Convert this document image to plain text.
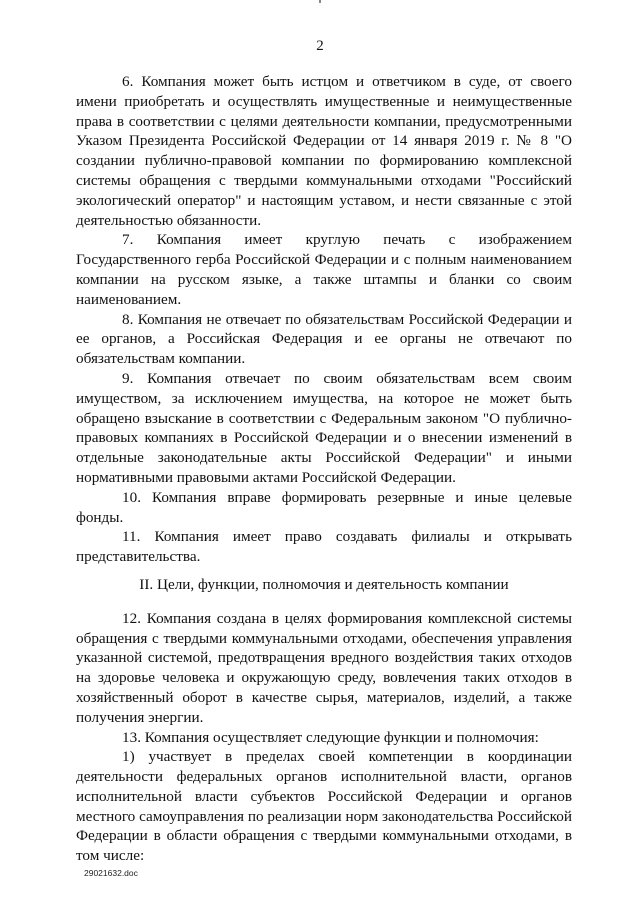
2

6. Компания может быть истцом и ответчиком в суде, от своего имени приобретать и осуществлять имущественные и неимущественные права в соответствии с целями деятельности компании, предусмотренными Указом Президента Российской Федерации от 14 января 2019 г. № 8 "О создании публично-правовой компании по формированию комплексной системы обращения с твердыми коммунальными отходами "Российский экологический оператор" и настоящим уставом, и нести связанные с этой деятельностью обязанности.

7. Компания имеет круглую печать с изображением Государственного герба Российской Федерации и с полным наименованием компании на русском языке, а также штампы и бланки со своим наименованием.

8. Компания не отвечает по обязательствам Российской Федерации и ее органов, а Российская Федерация и ее органы не отвечают по обязательствам компании.

9. Компания отвечает по своим обязательствам всем своим имуществом, за исключением имущества, на которое не может быть обращено взыскание в соответствии с Федеральным законом "О публично-правовых компаниях в Российской Федерации и о внесении изменений в отдельные законодательные акты Российской Федерации" и иными нормативными правовыми актами Российской Федерации.

10. Компания вправе формировать резервные и иные целевые фонды.

11. Компания имеет право создавать филиалы и открывать представительства.

II. Цели, функции, полномочия и деятельность компании

12. Компания создана в целях формирования комплексной системы обращения с твердыми коммунальными отходами, обеспечения управления указанной системой, предотвращения вредного воздействия таких отходов на здоровье человека и окружающую среду, вовлечения таких отходов в хозяйственный оборот в качестве сырья, материалов, изделий, а также получения энергии.

13. Компания осуществляет следующие функции и полномочия:

1) участвует в пределах своей компетенции в координации деятельности федеральных органов исполнительной власти, органов исполнительной власти субъектов Российской Федерации и органов местного самоуправления по реализации норм законодательства Российской Федерации в области обращения с твердыми коммунальными отходами, в том числе:

29021632.doc
